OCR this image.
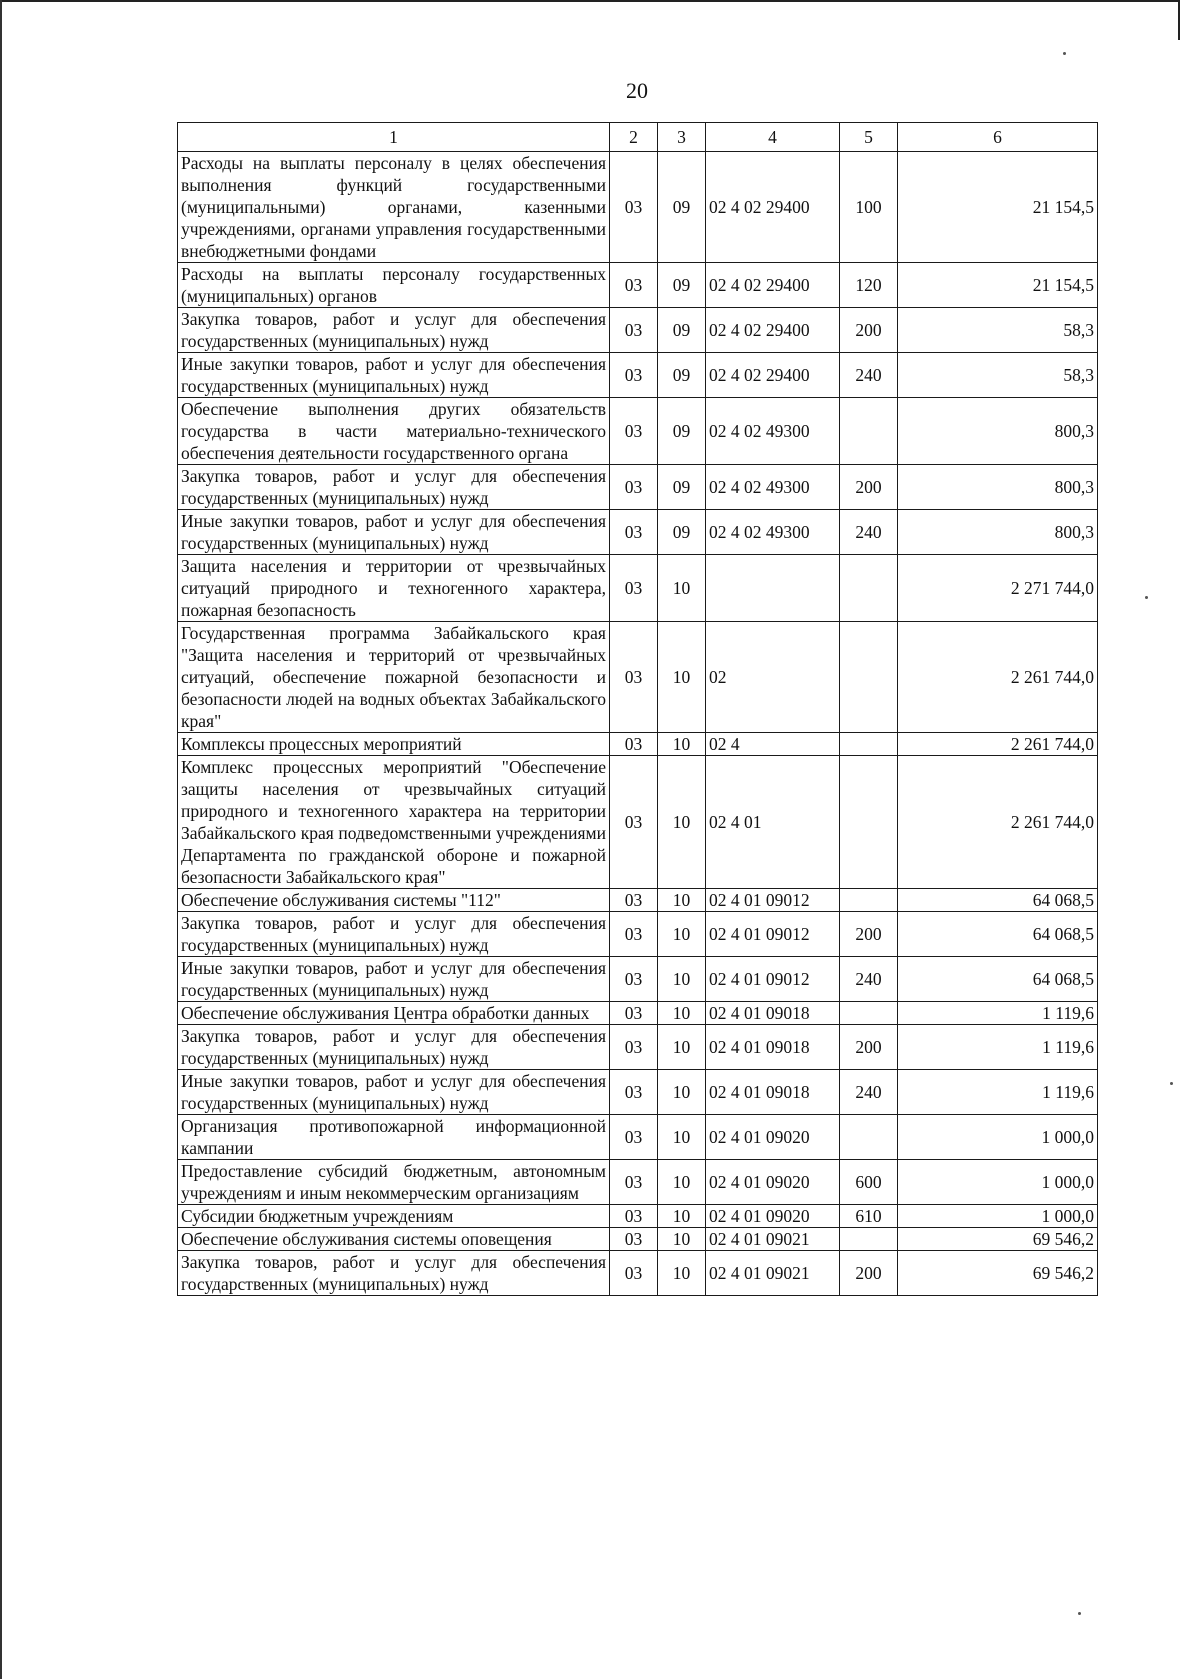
20
1	2	3	4	5	6
Расходы на выплаты персоналу в целях обеспечения выполнения функций государственными (муниципальными) органами, казенными учреждениями, органами управления государственными внебюджетными фондами	03	09	02 4 02 29400	100	21 154,5
Расходы на выплаты персоналу государственных (муниципальных) органов	03	09	02 4 02 29400	120	21 154,5
Закупка товаров, работ и услуг для обеспечения государственных (муниципальных) нужд	03	09	02 4 02 29400	200	58,3
Иные закупки товаров, работ и услуг для обеспечения государственных (муниципальных) нужд	03	09	02 4 02 29400	240	58,3
Обеспечение выполнения других обязательств государства в части материально-технического обеспечения деятельности государственного органа	03	09	02 4 02 49300		800,3
Закупка товаров, работ и услуг для обеспечения государственных (муниципальных) нужд	03	09	02 4 02 49300	200	800,3
Иные закупки товаров, работ и услуг для обеспечения государственных (муниципальных) нужд	03	09	02 4 02 49300	240	800,3
Защита населения и территории от чрезвычайных ситуаций природного и техногенного характера, пожарная безопасность	03	10			2 271 744,0
Государственная программа Забайкальского края "Защита населения и территорий от чрезвычайных ситуаций, обеспечение пожарной безопасности и безопасности людей на водных объектах Забайкальского края"	03	10	02		2 261 744,0
Комплексы процессных мероприятий	03	10	02 4		2 261 744,0
Комплекс процессных мероприятий "Обеспечение защиты населения от чрезвычайных ситуаций природного и техногенного характера на территории Забайкальского края подведомственными учреждениями Департамента по гражданской обороне и пожарной безопасности Забайкальского края"	03	10	02 4 01		2 261 744,0
Обеспечение обслуживания системы "112"	03	10	02 4 01 09012		64 068,5
Закупка товаров, работ и услуг для обеспечения государственных (муниципальных) нужд	03	10	02 4 01 09012	200	64 068,5
Иные закупки товаров, работ и услуг для обеспечения государственных (муниципальных) нужд	03	10	02 4 01 09012	240	64 068,5
Обеспечение обслуживания Центра обработки данных	03	10	02 4 01 09018		1 119,6
Закупка товаров, работ и услуг для обеспечения государственных (муниципальных) нужд	03	10	02 4 01 09018	200	1 119,6
Иные закупки товаров, работ и услуг для обеспечения государственных (муниципальных) нужд	03	10	02 4 01 09018	240	1 119,6
Организация противопожарной информационной кампании	03	10	02 4 01 09020		1 000,0
Предоставление субсидий бюджетным, автономным учреждениям и иным некоммерческим организациям	03	10	02 4 01 09020	600	1 000,0
Субсидии бюджетным учреждениям	03	10	02 4 01 09020	610	1 000,0
Обеспечение обслуживания системы оповещения	03	10	02 4 01 09021		69 546,2
Закупка товаров, работ и услуг для обеспечения государственных (муниципальных) нужд	03	10	02 4 01 09021	200	69 546,2
